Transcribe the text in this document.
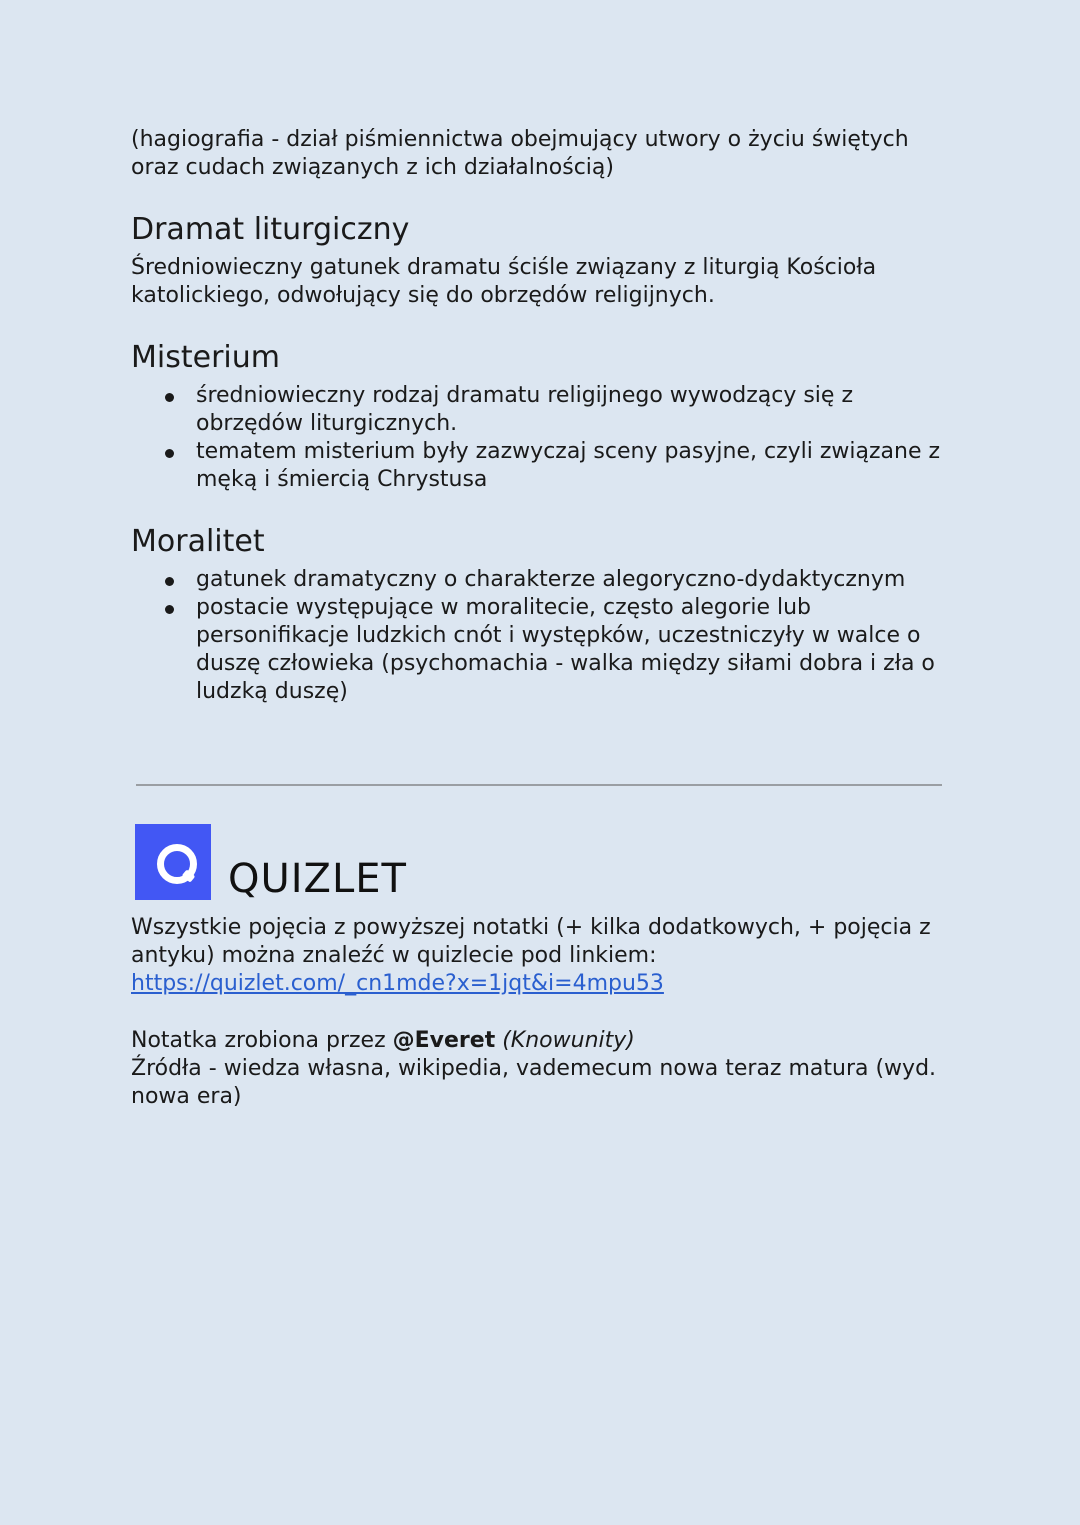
(hagiografia - dział piśmiennictwa obejmujący utwory o życiu świętych oraz cudach związanych z ich działalnością)

Dramat liturgiczny

Średniowieczny gatunek dramatu ściśle związany z liturgią Kościoła katolickiego, odwołujący się do obrzędów religijnych.

Misterium
średniowieczny rodzaj dramatu religijnego wywodzący się z obrzędów liturgicznych.
tematem misterium były zazwyczaj sceny pasyjne, czyli związane z męką i śmiercią Chrystusa
Moralitet
gatunek dramatyczny o charakterze alegoryczno-dydaktycznym
postacie występujące w moralitecie, często alegorie lub personifikacje ludzkich cnót i występków, uczestniczyły w walce o duszę człowieka (psychomachia - walka między siłami dobra i zła o ludzką duszę)
QUIZLET

Wszystkie pojęcia z powyższej notatki (+ kilka dodatkowych, + pojęcia z antyku) można znaleźć w quizlecie pod linkiem:

https://quizlet.com/_cn1mde?x=1jqt&i=4mpu53

Notatka zrobiona przez @Everet (Knowunity)

Źródła - wiedza własna, wikipedia, vademecum nowa teraz matura (wyd. nowa era)
